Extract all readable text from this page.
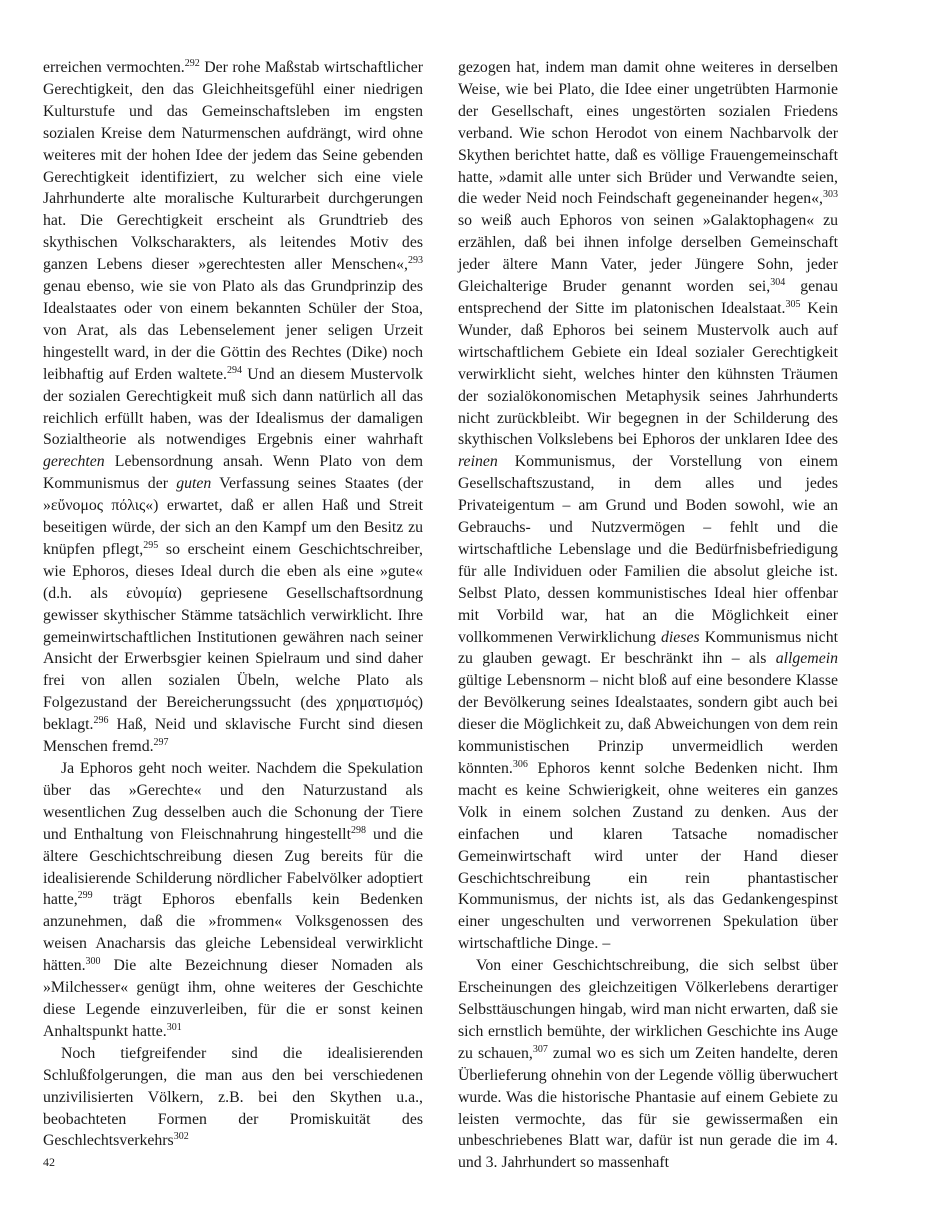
erreichen vermochten.$^{292}$ Der rohe Maßstab wirtschaftlicher Gerechtigkeit, den das Gleichheitsgefühl einer niedrigen Kulturstufe und das Gemeinschaftsleben im engsten sozialen Kreise dem Naturmenschen aufdrängt, wird ohne weiteres mit der hohen Idee der jedem das Seine gebenden Gerechtigkeit identifiziert, zu welcher sich eine viele Jahrhunderte alte moralische Kulturarbeit durchgerungen hat. Die Gerechtigkeit erscheint als Grundtrieb des skythischen Volkscharakters, als leitendes Motiv des ganzen Lebens dieser »gerechtesten aller Menschen«,$^{293}$ genau ebenso, wie sie von Plato als das Grundprinzip des Idealstaates oder von einem bekannten Schüler der Stoa, von Arat, als das Lebenselement jener seligen Urzeit hingestellt ward, in der die Göttin des Rechtes (Dike) noch leibhaftig auf Erden waltete.$^{294}$ Und an diesem Mustervolk der sozialen Gerechtigkeit muß sich dann natürlich all das reichlich erfüllt haben, was der Idealismus der damaligen Sozialtheorie als notwendiges Ergebnis einer wahrhaft gerechten Lebensordnung ansah. Wenn Plato von dem Kommunismus der guten Verfassung seines Staates (der »εὔνομος πόλις«) erwartet, daß er allen Haß und Streit beseitigen würde, der sich an den Kampf um den Besitz zu knüpfen pflegt,$^{295}$ so erscheint einem Geschichtschreiber, wie Ephoros, dieses Ideal durch die eben als eine »gute« (d.h. als εὐνομία) gepriesene Gesellschaftsordnung gewisser skythischer Stämme tatsächlich verwirklicht. Ihre gemeinwirtschaftlichen Institutionen gewähren nach seiner Ansicht der Erwerbsgier keinen Spielraum und sind daher frei von allen sozialen Übeln, welche Plato als Folgezustand der Bereicherungssucht (des χρηματισμός) beklagt.$^{296}$ Haß, Neid und sklavische Furcht sind diesen Menschen fremd.$^{297}$

Ja Ephoros geht noch weiter. Nachdem die Spekulation über das »Gerechte« und den Naturzustand als wesentlichen Zug desselben auch die Schonung der Tiere und Enthaltung von Fleischnahrung hingestellt$^{298}$ und die ältere Geschichtschreibung diesen Zug bereits für die idealisierende Schilderung nördlicher Fabelvölker adoptiert hatte,$^{299}$ trägt Ephoros ebenfalls kein Bedenken anzunehmen, daß die »frommen« Volksgenossen des weisen Anacharsis das gleiche Lebensideal verwirklicht hätten.$^{300}$ Die alte Bezeichnung dieser Nomaden als »Milchesser« genügt ihm, ohne weiteres der Geschichte diese Legende einzuverleiben, für die er sonst keinen Anhaltspunkt hatte.$^{301}$

Noch tiefgreifender sind die idealisierenden Schlußfolgerungen, die man aus den bei verschiedenen unzivilisierten Völkern, z.B. bei den Skythen u.a., beobachteten Formen der Promiskuität des Geschlechtsverkehrs$^{302}$

gezogen hat, indem man damit ohne weiteres in derselben Weise, wie bei Plato, die Idee einer ungetrübten Harmonie der Gesellschaft, eines ungestörten sozialen Friedens verband. Wie schon Herodot von einem Nachbarvolk der Skythen berichtet hatte, daß es völlige Frauengemeinschaft hatte, »damit alle unter sich Brüder und Verwandte seien, die weder Neid noch Feindschaft gegeneinander hegen«,$^{303}$ so weiß auch Ephoros von seinen »Galaktophagen« zu erzählen, daß bei ihnen infolge derselben Gemeinschaft jeder ältere Mann Vater, jeder Jüngere Sohn, jeder Gleichalterige Bruder genannt worden sei,$^{304}$ genau entsprechend der Sitte im platonischen Idealstaat.$^{305}$ Kein Wunder, daß Ephoros bei seinem Mustervolk auch auf wirtschaftlichem Gebiete ein Ideal sozialer Gerechtigkeit verwirklicht sieht, welches hinter den kühnsten Träumen der sozialökonomischen Metaphysik seines Jahrhunderts nicht zurückbleibt. Wir begegnen in der Schilderung des skythischen Volkslebens bei Ephoros der unklaren Idee des reinen Kommunismus, der Vorstellung von einem Gesellschaftszustand, in dem alles und jedes Privateigentum – am Grund und Boden sowohl, wie an Gebrauchs- und Nutzvermögen – fehlt und die wirtschaftliche Lebenslage und die Bedürfnisbefriedigung für alle Individuen oder Familien die absolut gleiche ist. Selbst Plato, dessen kommunistisches Ideal hier offenbar mit Vorbild war, hat an die Möglichkeit einer vollkommenen Verwirklichung dieses Kommunismus nicht zu glauben gewagt. Er beschränkt ihn – als allgemein gültige Lebensnorm – nicht bloß auf eine besondere Klasse der Bevölkerung seines Idealstaates, sondern gibt auch bei dieser die Möglichkeit zu, daß Abweichungen von dem rein kommunistischen Prinzip unvermeidlich werden könnten.$^{306}$ Ephoros kennt solche Bedenken nicht. Ihm macht es keine Schwierigkeit, ohne weiteres ein ganzes Volk in einem solchen Zustand zu denken. Aus der einfachen und klaren Tatsache nomadischer Gemeinwirtschaft wird unter der Hand dieser Geschichtschreibung ein rein phantastischer Kommunismus, der nichts ist, als das Gedankengespinst einer ungeschulten und verworrenen Spekulation über wirtschaftliche Dinge. –

Von einer Geschichtschreibung, die sich selbst über Erscheinungen des gleichzeitigen Völkerlebens derartiger Selbsttäuschungen hingab, wird man nicht erwarten, daß sie sich ernstlich bemühte, der wirklichen Geschichte ins Auge zu schauen,$^{307}$ zumal wo es sich um Zeiten handelte, deren Überlieferung ohnehin von der Legende völlig überwuchert wurde. Was die historische Phantasie auf einem Gebiete zu leisten vermochte, das für sie gewissermaßen ein unbeschriebenes Blatt war, dafür ist nun gerade die im 4. und 3. Jahrhundert so massenhaft

42
